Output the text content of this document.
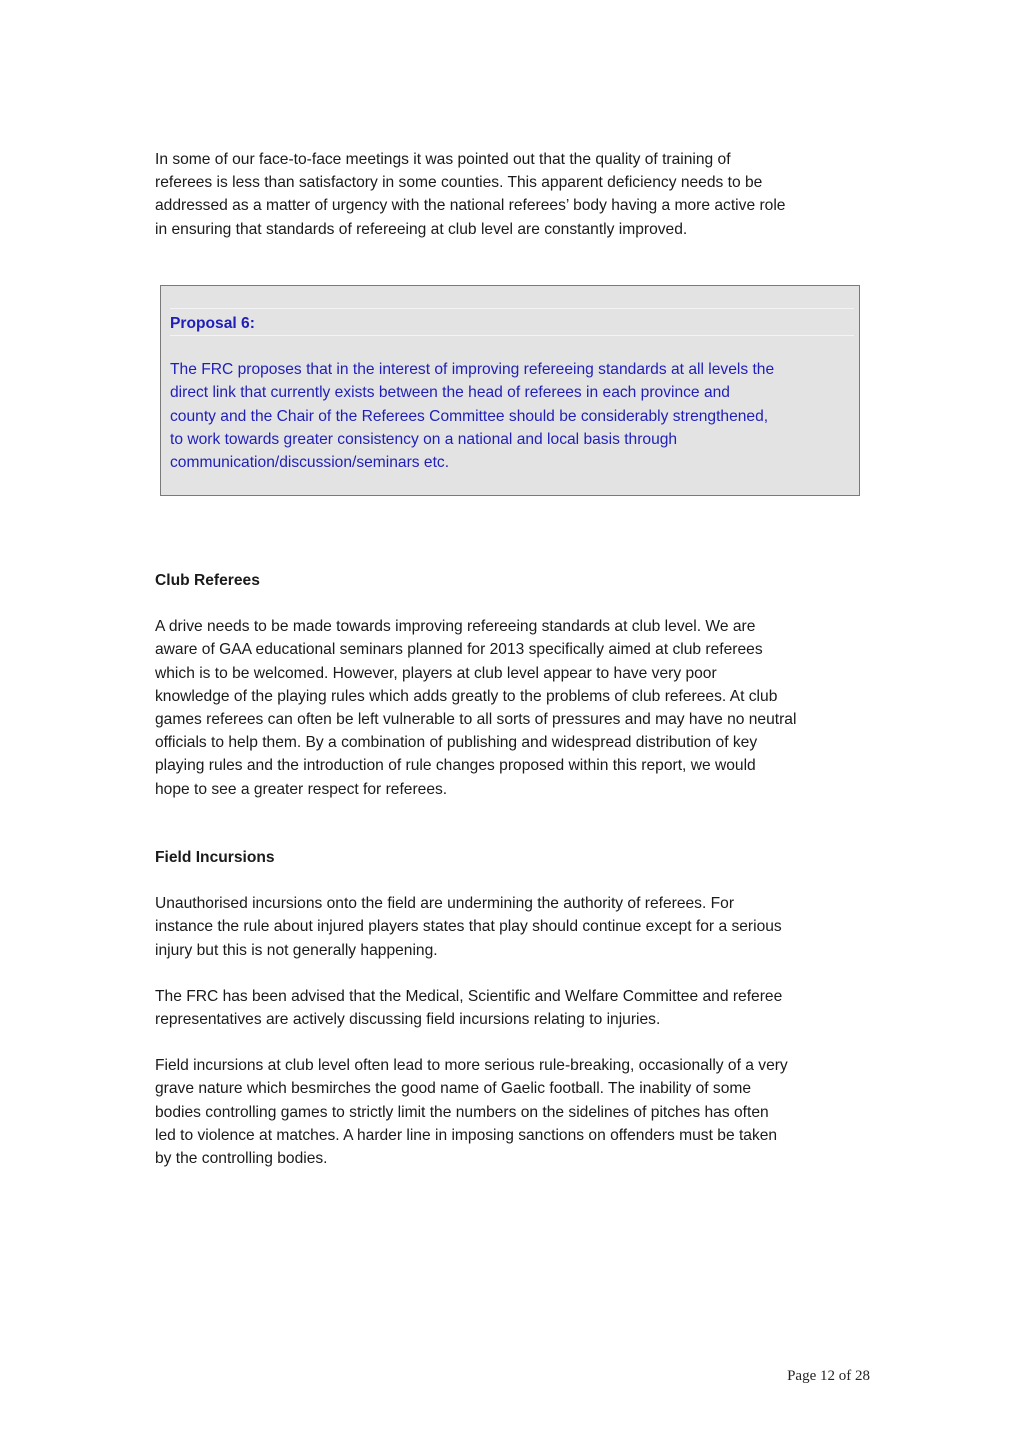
In some of our face-to-face meetings it was pointed out that the quality of training of
referees is less than satisfactory in some counties. This apparent deficiency needs to be
addressed as a matter of urgency with the national referees’ body having a more active role
in ensuring that standards of refereeing at club level are constantly improved.

Proposal 6:

The FRC proposes that in the interest of improving refereeing standards at all levels the
direct link that currently exists between the head of referees in each province and
county and the Chair of the Referees Committee should be considerably strengthened,
to work towards greater consistency on a national and local basis through
communication/discussion/seminars etc.

Club Referees

A drive needs to be made towards improving refereeing standards at club level. We are
aware of GAA educational seminars planned for 2013 specifically aimed at club referees
which is to be welcomed. However, players at club level appear to have very poor
knowledge of the playing rules which adds greatly to the problems of club referees. At club
games referees can often be left vulnerable to all sorts of pressures and may have no neutral
officials to help them. By a combination of publishing and widespread distribution of key
playing rules and the introduction of rule changes proposed within this report, we would
hope to see a greater respect for referees.

Field Incursions

Unauthorised incursions onto the field are undermining the authority of referees. For
instance the rule about injured players states that play should continue except for a serious
injury but this is not generally happening.

The FRC has been advised that the Medical, Scientific and Welfare Committee and referee
representatives are actively discussing field incursions relating to injuries.

Field incursions at club level often lead to more serious rule-breaking, occasionally of a very
grave nature which besmirches the good name of Gaelic football. The inability of some
bodies controlling games to strictly limit the numbers on the sidelines of pitches has often
led to violence at matches. A harder line in imposing sanctions on offenders must be taken
by the controlling bodies.

Page 12 of 28
